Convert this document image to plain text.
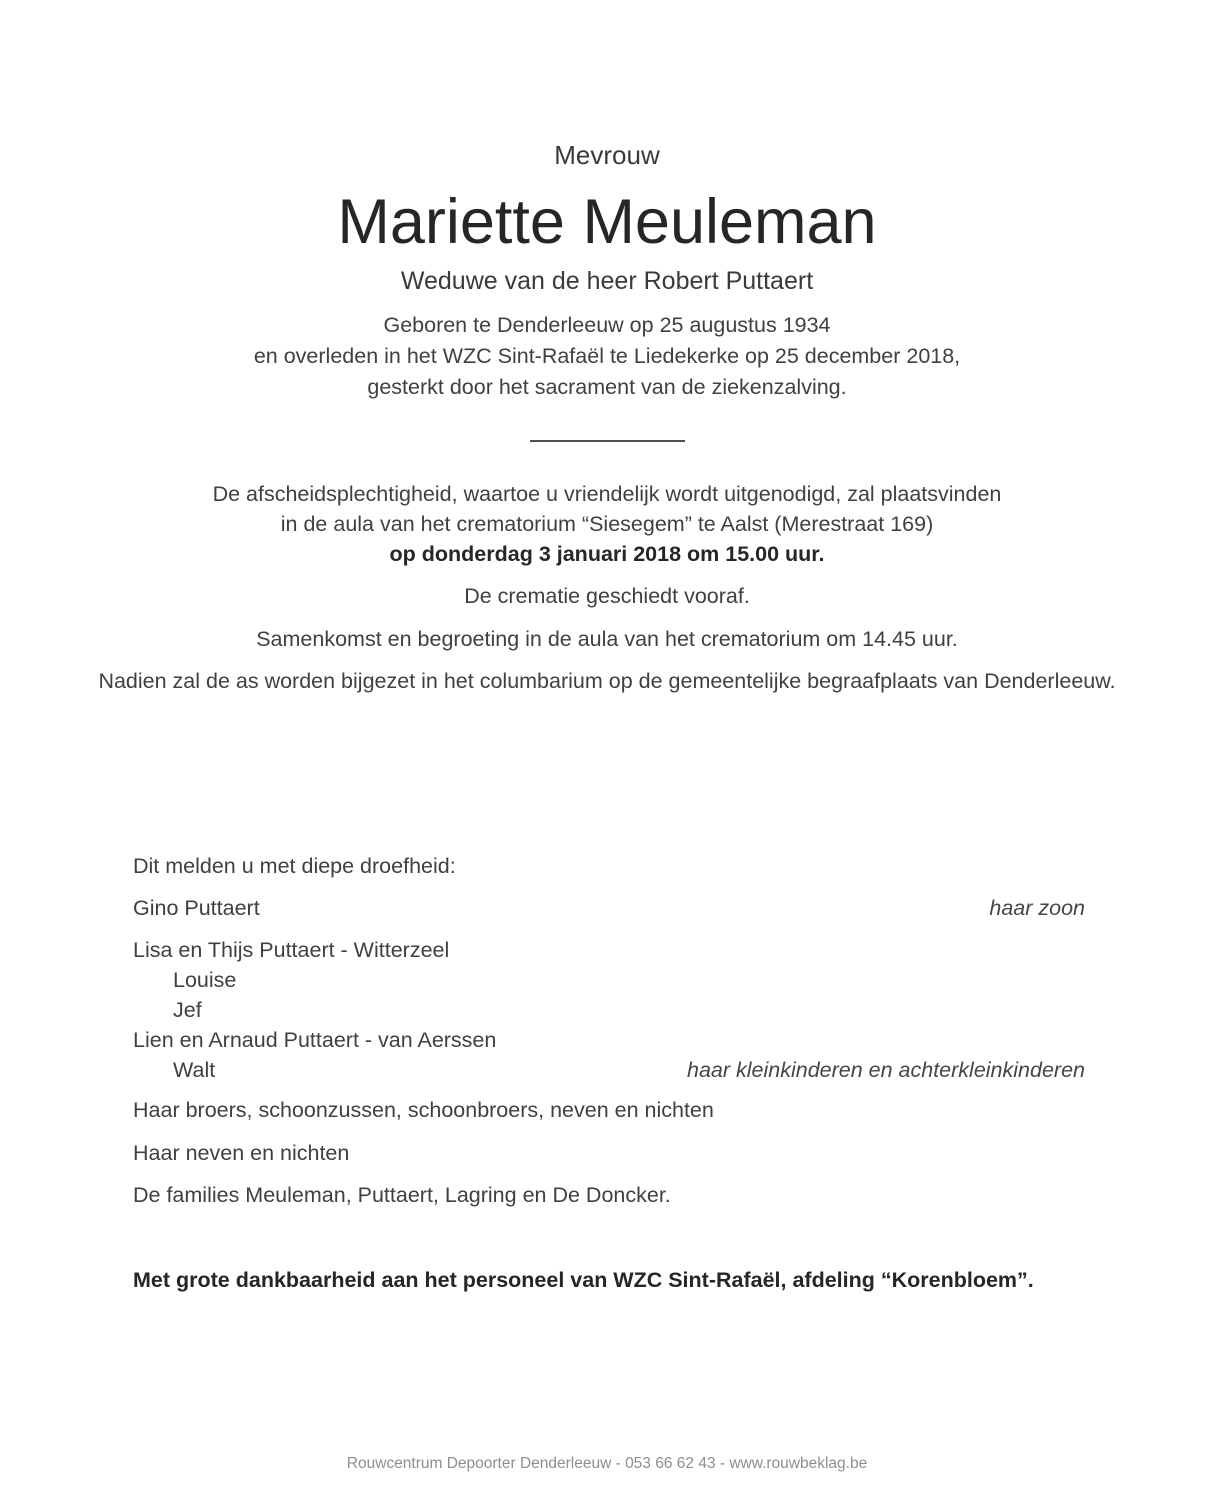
Mevrouw
Mariette Meuleman
Weduwe van de heer Robert Puttaert
Geboren te Denderleeuw op 25 augustus 1934
en overleden in het WZC Sint-Rafaël te Liedekerke op 25 december 2018,
gesterkt door het sacrament van de ziekenzalving.
De afscheidsplechtigheid, waartoe u vriendelijk wordt uitgenodigd, zal plaatsvinden
in de aula van het crematorium “Siesegem” te Aalst (Merestraat 169)
op donderdag 3 januari 2018 om 15.00 uur.
De crematie geschiedt vooraf.
Samenkomst en begroeting in de aula van het crematorium om 14.45 uur.
Nadien zal de as worden bijgezet in het columbarium op de gemeentelijke begraafplaats van Denderleeuw.
Dit melden u met diepe droefheid:
Gino Puttaert	haar zoon
Lisa en Thijs Puttaert - Witterzeel
Louise
Jef
Lien en Arnaud Puttaert - van Aerssen
Walt	haar kleinkinderen en achterkleinkinderen
Haar broers, schoonzussen, schoonbroers, neven en nichten
Haar neven en nichten
De families Meuleman, Puttaert, Lagring en De Doncker.
Met grote dankbaarheid aan het personeel van WZC Sint-Rafaël, afdeling “Korenbloem”.
Rouwcentrum Depoorter Denderleeuw - 053 66 62 43 - www.rouwbeklag.be
